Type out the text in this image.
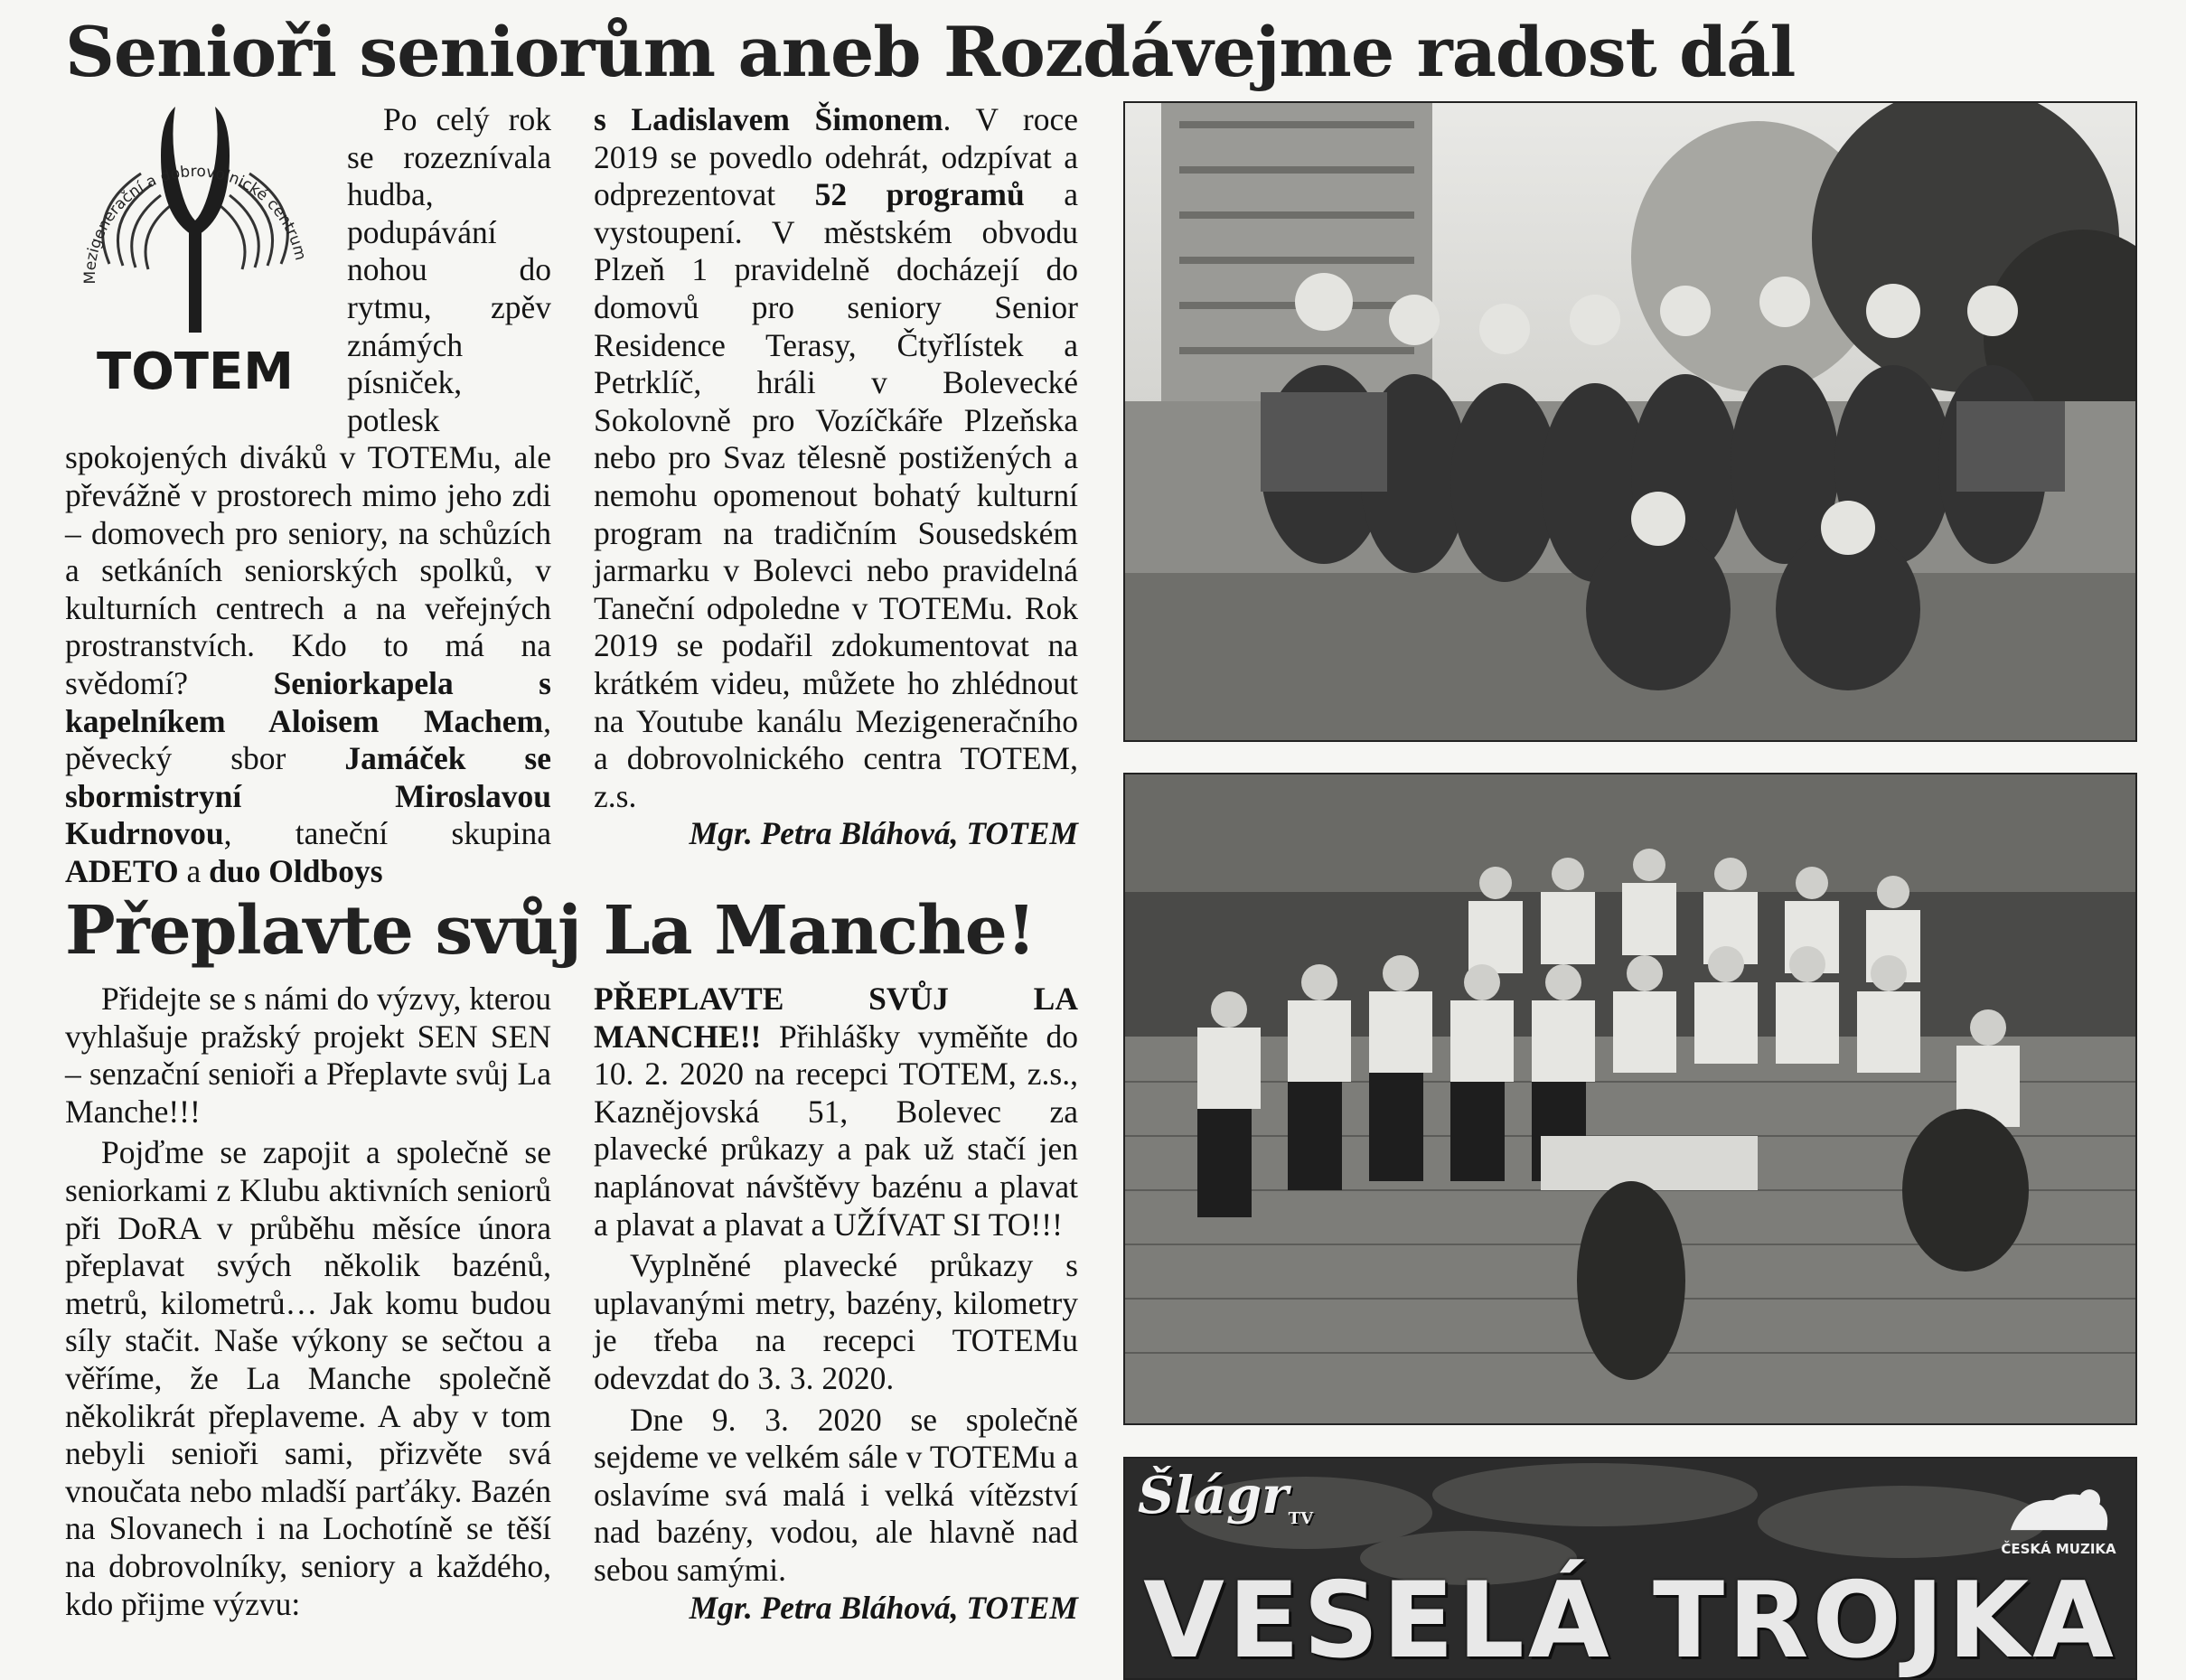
Senioři seniorům aneb Rozdávejme radost dál
Mezigenerační a dobrovolnické centrum
TOTEM

Po celý rok se rozeznívala hudba, podupávání nohou do rytmu, zpěv známých písniček, potlesk spokojených diváků v TOTEMu, ale převážně v prostorech mimo jeho zdi – domovech pro seniory, na schůzích a setkáních seniorských spolků, v kulturních centrech a na veřejných prostranstvích. Kdo to má na svědomí? Seniorkapela s kapelníkem Aloisem Machem, pěvecký sbor Jamáček se sbormistryní Miroslavou Kudrnovou, taneční skupina ADETO a duo Oldboys

s Ladislavem Šimonem. V roce 2019 se povedlo odehrát, odzpívat a odprezentovat 52 programů a vystoupení. V městském obvodu Plzeň 1 pravidelně docházejí do domovů pro seniory Senior Residence Terasy, Čtyřlístek a Petrklíč, hráli v Bolevecké Sokolovně pro Vozíčkáře Plzeňska nebo pro Svaz tělesně postižených a nemohu opomenout bohatý kulturní program na tradičním Sousedském jarmarku v Bolevci nebo pravidelná Taneční odpoledne v TOTEMu. Rok 2019 se podařil zdokumentovat na krátkém videu, můžete ho zhlédnout na Youtube kanálu Mezigeneračního a dobrovolnického centra TOTEM, z.s.

Mgr. Petra Bláhová, TOTEM

Přeplavte svůj La Manche!

Přidejte se s námi do výzvy, kterou vyhlašuje pražský projekt SEN SEN – senzační senioři a Přeplavte svůj La Manche!!!

Pojďme se zapojit a společně se seniorkami z Klubu aktivních seniorů při DoRA v průběhu měsíce února přeplavat svých několik bazénů, metrů, kilometrů… Jak komu budou síly stačit. Naše výkony se sečtou a věříme, že La Manche společně několikrát přeplaveme. A aby v tom nebyli senioři sami, přizvěte svá vnoučata nebo mladší parťáky. Bazén na Slovanech i na Lochotíně se těší na dobrovolníky, seniory a každého, kdo přijme výzvu:

PŘEPLAVTE SVŮJ LA MANCHE!! Přihlášky vyměňte do 10. 2. 2020 na recepci TOTEM, z.s., Kaznějovská 51, Bolevec za plavecké průkazy a pak už stačí jen naplánovat návštěvy bazénu a plavat a plavat a plavat a UŽÍVAT SI TO!!!

Vyplněné plavecké průkazy s uplavanými metry, bazény, kilometry je třeba na recepci TOTEMu odevzdat do 3. 3. 2020.

Dne 9. 3. 2020 se společně sejdeme ve velkém sále v TOTEMu a oslavíme svá malá i velká vítězství nad bazény, vodou, ale hlavně nad sebou samými.

Mgr. Petra Bláhová, TOTEM

Šlágr$_{TV}$
ČESKÁ MUZIKA
VESELÁ TROJKA
